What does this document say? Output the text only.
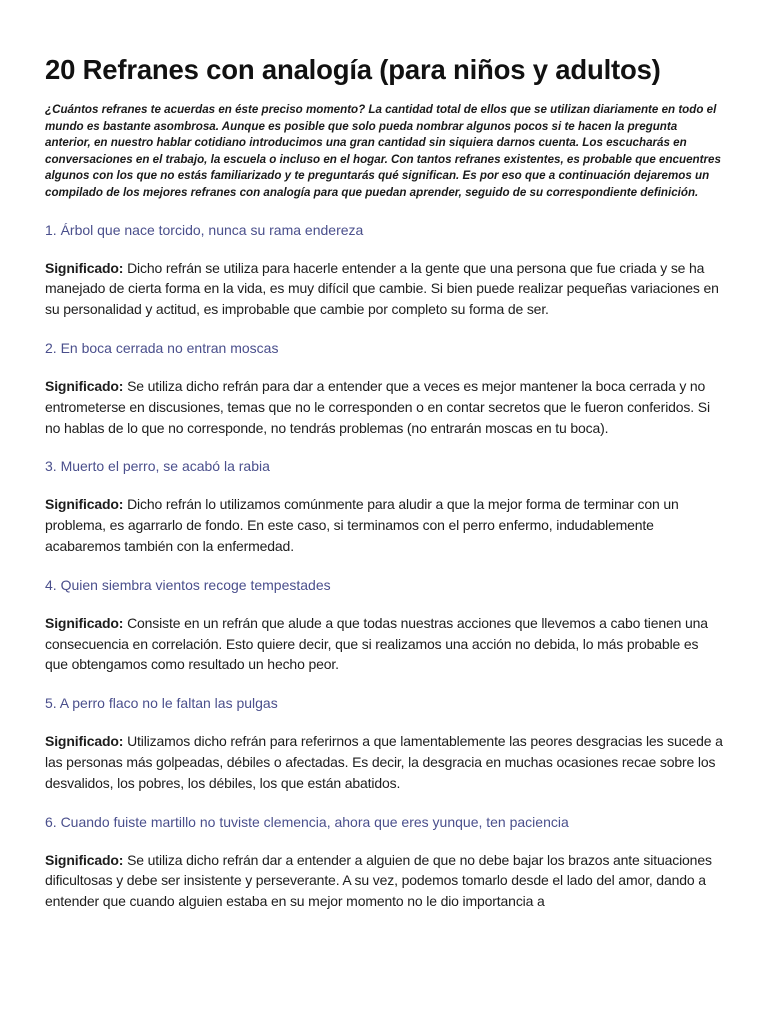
20 Refranes con analogía (para niños y adultos)

¿Cuántos refranes te acuerdas en éste preciso momento? La cantidad total de ellos que se utilizan diariamente en todo el mundo es bastante asombrosa. Aunque es posible que solo pueda nombrar algunos pocos si te hacen la pregunta anterior, en nuestro hablar cotidiano introducimos una gran cantidad sin siquiera darnos cuenta. Los escucharás en conversaciones en el trabajo, la escuela o incluso en el hogar. Con tantos refranes existentes, es probable que encuentres algunos con los que no estás familiarizado y te preguntarás qué significan. Es por eso que a continuación dejaremos un compilado de los mejores refranes con analogía para que puedan aprender, seguido de su correspondiente definición.

1. Árbol que nace torcido, nunca su rama endereza

Significado: Dicho refrán se utiliza para hacerle entender a la gente que una persona que fue criada y se ha manejado de cierta forma en la vida, es muy difícil que cambie. Si bien puede realizar pequeñas variaciones en su personalidad y actitud, es improbable que cambie por completo su forma de ser.

2. En boca cerrada no entran moscas

Significado: Se utiliza dicho refrán para dar a entender que a veces es mejor mantener la boca cerrada y no entrometerse en discusiones, temas que no le corresponden o en contar secretos que le fueron conferidos. Si no hablas de lo que no corresponde, no tendrás problemas (no entrarán moscas en tu boca).

3. Muerto el perro, se acabó la rabia

Significado: Dicho refrán lo utilizamos comúnmente para aludir a que la mejor forma de terminar con un problema, es agarrarlo de fondo. En este caso, si terminamos con el perro enfermo, indudablemente acabaremos también con la enfermedad.

4. Quien siembra vientos recoge tempestades

Significado: Consiste en un refrán que alude a que todas nuestras acciones que llevemos a cabo tienen una consecuencia en correlación. Esto quiere decir, que si realizamos una acción no debida, lo más probable es que obtengamos como resultado un hecho peor.

5. A perro flaco no le faltan las pulgas

Significado: Utilizamos dicho refrán para referirnos a que lamentablemente las peores desgracias les sucede a las personas más golpeadas, débiles o afectadas. Es decir, la desgracia en muchas ocasiones recae sobre los desvalidos, los pobres, los débiles, los que están abatidos.

6. Cuando fuiste martillo no tuviste clemencia, ahora que eres yunque, ten paciencia

Significado: Se utiliza dicho refrán dar a entender a alguien de que no debe bajar los brazos ante situaciones dificultosas y debe ser insistente y perseverante. A su vez, podemos tomarlo desde el lado del amor, dando a entender que cuando alguien estaba en su mejor momento no le dio importancia a
